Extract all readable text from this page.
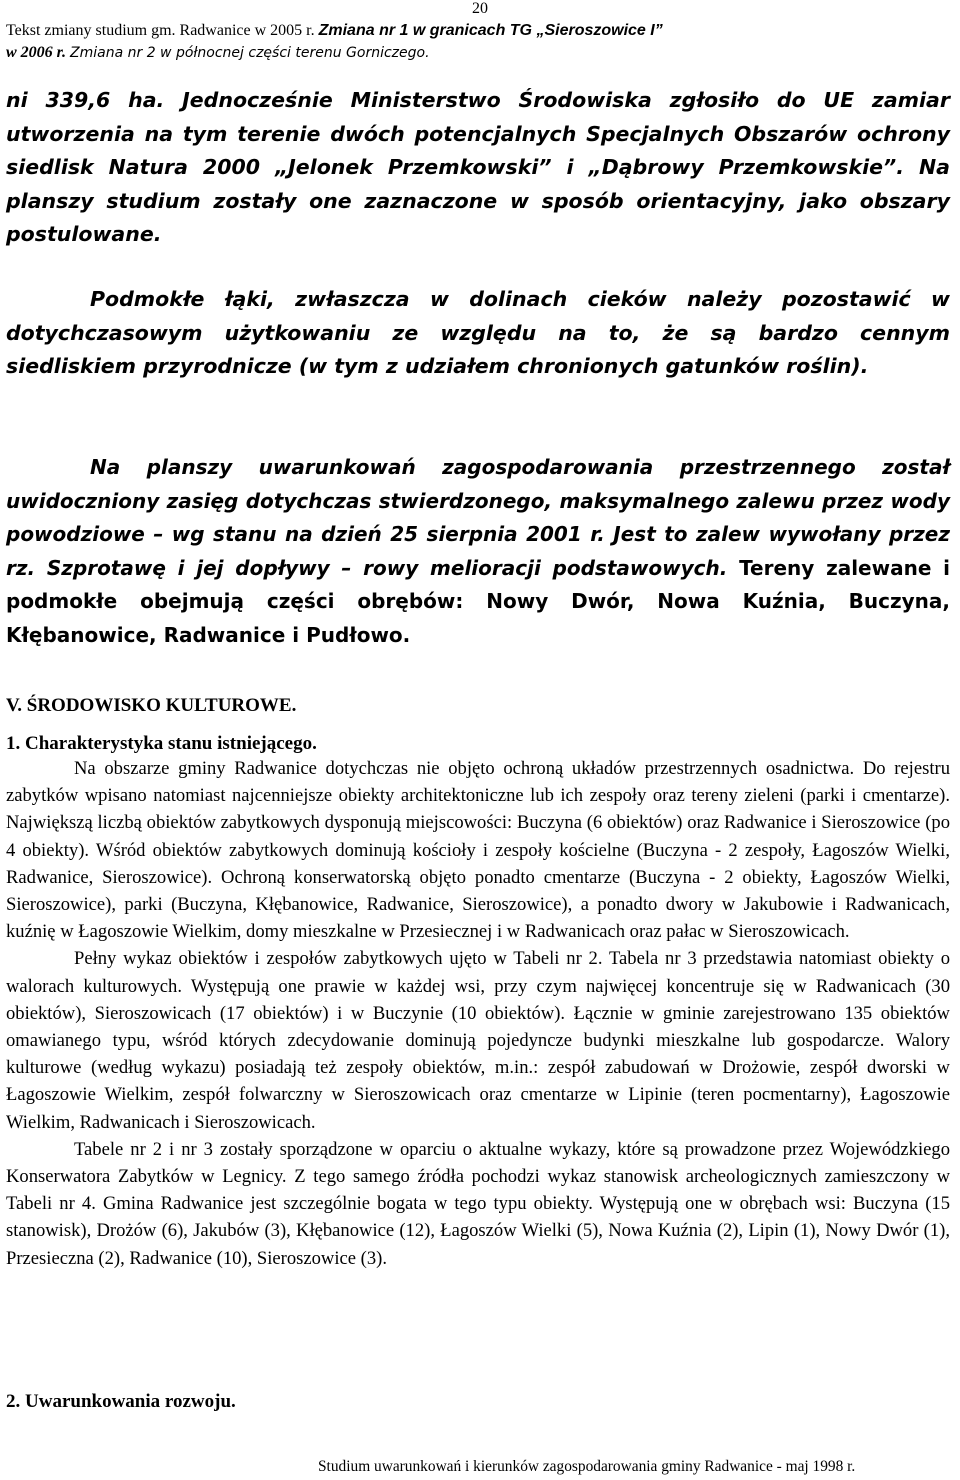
20
Tekst zmiany studium gm. Radwanice w 2005 r. Zmiana nr 1 w granicach TG „Sieroszowice I”
w 2006 r. Zmiana nr 2 w północnej części terenu Gorniczego.

ni 339,6 ha. Jednocześnie Ministerstwo Środowiska zgłosiło do UE zamiar utworzenia na tym terenie dwóch potencjalnych Specjalnych Obszarów ochrony siedlisk Natura 2000 „Jelonek Przemkowski” i „Dąbrowy Przemkowskie”. Na planszy studium zostały one zaznaczone w sposób orientacyjny, jako obszary postulowane.

Podmokłe łąki, zwłaszcza w dolinach cieków należy pozostawić w dotychczasowym użytkowaniu ze względu na to, że są bardzo cennym siedliskiem przyrodnicze (w tym z udziałem chronionych gatunków roślin).

Na planszy uwarunkowań zagospodarowania przestrzennego został uwidoczniony zasięg dotychczas stwierdzonego, maksymalnego zalewu przez wody powodziowe – wg stanu na dzień 25 sierpnia 2001 r. Jest to zalew wywołany przez rz. Szprotawę i jej dopływy – rowy melioracji podstawowych. Tereny zalewane i podmokłe obejmują części obrębów: Nowy Dwór, Nowa Kuźnia, Buczyna, Kłębanowice, Radwanice i Pudłowo.

V. ŚRODOWISKO KULTUROWE.

1. Charakterystyka stanu istniejącego.

Na obszarze gminy Radwanice dotychczas nie objęto ochroną układów przestrzennych osadnictwa. Do rejestru zabytków wpisano natomiast najcenniejsze obiekty architektoniczne lub ich zespoły oraz tereny zieleni (parki i cmentarze). Największą liczbą obiektów zabytkowych dysponują miejscowości: Buczyna (6 obiektów) oraz Radwanice i Sieroszowice (po 4 obiekty). Wśród obiektów zabytkowych dominują kościoły i zespoły kościelne (Buczyna - 2 zespoły, Łagoszów Wielki, Radwanice, Sieroszowice). Ochroną konserwatorską objęto ponadto cmentarze (Buczyna - 2 obiekty, Łagoszów Wielki, Sieroszowice), parki (Buczyna, Kłębanowice, Radwanice, Sieroszowice), a ponadto dwory w Jakubowie i Radwanicach, kuźnię w Łagoszowie Wielkim, domy mieszkalne w Przesiecznej i w Radwanicach oraz pałac w Sieroszowicach.

Pełny wykaz obiektów i zespołów zabytkowych ujęto w Tabeli nr 2. Tabela nr 3 przedstawia natomiast obiekty o walorach kulturowych. Występują one prawie w każdej wsi, przy czym najwięcej koncentruje się w Radwanicach (30 obiektów), Sieroszowicach (17 obiektów) i w Buczynie (10 obiektów). Łącznie w gminie zarejestrowano 135 obiektów omawianego typu, wśród których zdecydowanie dominują pojedyncze budynki mieszkalne lub gospodarcze. Walory kulturowe (według wykazu) posiadają też zespoły obiektów, m.in.: zespół zabudowań w Drożowie, zespół dworski w Łagoszowie Wielkim, zespół folwarczny w Sieroszowicach oraz cmentarze w Lipinie (teren pocmentarny), Łagoszowie Wielkim, Radwanicach i Sieroszowicach.

Tabele nr 2 i nr 3 zostały sporządzone w oparciu o aktualne wykazy, które są prowadzone przez Wojewódzkiego Konserwatora Zabytków w Legnicy. Z tego samego źródła pochodzi wykaz stanowisk archeologicznych zamieszczony w Tabeli nr 4. Gmina Radwanice jest szczególnie bogata w tego typu obiekty. Występują one w obrębach wsi: Buczyna (15 stanowisk), Drożów (6), Jakubów (3), Kłębanowice (12), Łagoszów Wielki (5), Nowa Kuźnia (2), Lipin (1), Nowy Dwór (1), Przesieczna (2), Radwanice (10), Sieroszowice (3).

2. Uwarunkowania rozwoju.

Studium uwarunkowań i kierunków zagospodarowania gminy Radwanice - maj 1998 r.
